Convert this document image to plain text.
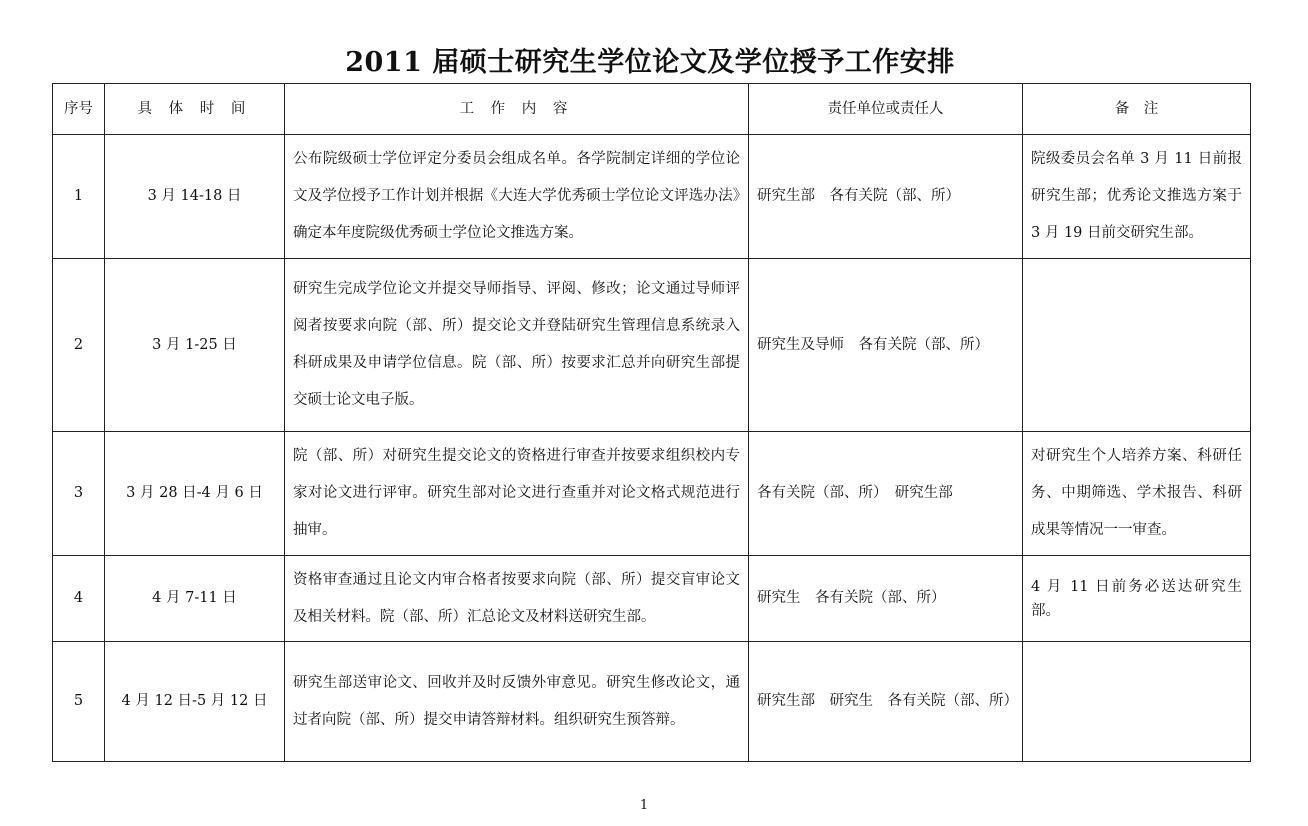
2011 届硕士研究生学位论文及学位授予工作安排
序号	具 体 时 间	工 作 内 容	责任单位或责任人	备　注
1	3 月 14-18 日	公布院级硕士学位评定分委员会组成名单。各学院制定详细的学位论文及学位授予工作计划并根据《大连大学优秀硕士学位论文评选办法》确定本年度院级优秀硕士学位论文推选方案。	研究生部　各有关院（部、所）	院级委员会名单 3 月 11 日前报研究生部；优秀论文推选方案于 3 月 19 日前交研究生部。
2	3 月 1-25 日	研究生完成学位论文并提交导师指导、评阅、修改；论文通过导师评阅者按要求向院（部、所）提交论文并登陆研究生管理信息系统录入科研成果及申请学位信息。院（部、所）按要求汇总并向研究生部提交硕士论文电子版。	研究生及导师　各有关院（部、所）	
3	3 月 28 日-4 月 6 日	院（部、所）对研究生提交论文的资格进行审查并按要求组织校内专家对论文进行评审。研究生部对论文进行查重并对论文格式规范进行抽审。	各有关院（部、所）　研究生部	对研究生个人培养方案、科研任务、中期筛选、学术报告、科研成果等情况一一审查。
4	4 月 7-11 日	资格审查通过且论文内审合格者按要求向院（部、所）提交盲审论文及相关材料。院（部、所）汇总论文及材料送研究生部。	研究生　各有关院（部、所）	4 月 11 日前务必送达研究生部。
5	4 月 12 日-5 月 12 日	研究生部送审论文、回收并及时反馈外审意见。研究生修改论文，通过者向院（部、所）提交申请答辩材料。组织研究生预答辩。	研究生部　研究生　各有关院（部、所）	
1
